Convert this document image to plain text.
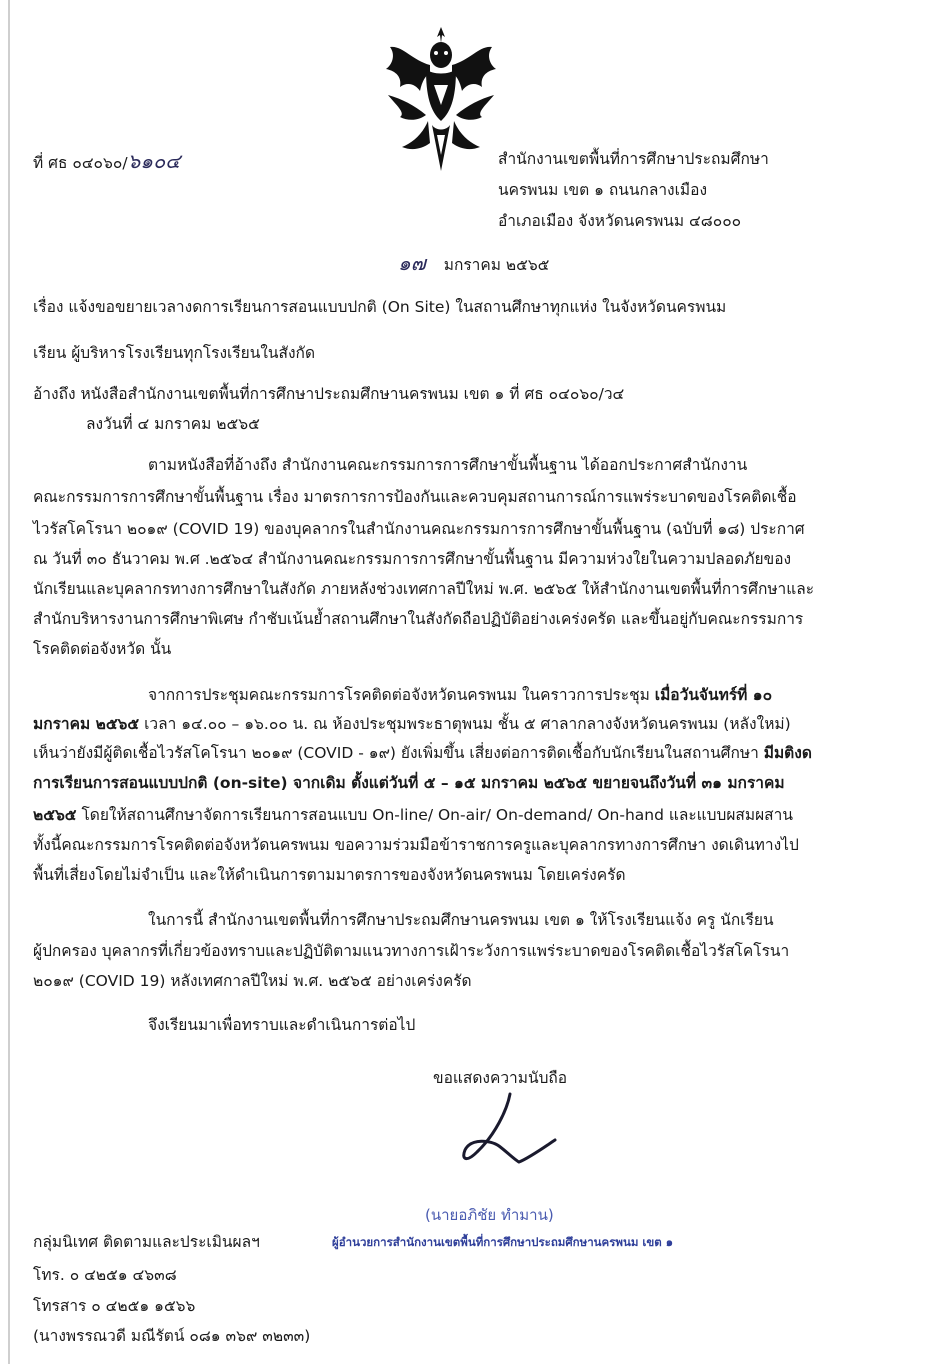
ที่ ศธ ๐๔๐๖๐/๖๑๐๔	สำนักงานเขตพื้นที่การศึกษาประถมศึกษา
นครพนม เขต ๑ ถนนกลางเมือง
อำเภอเมือง จังหวัดนครพนม ๔๘๐๐๐
๑๗ มกราคม ๒๕๖๕
เรื่อง แจ้งขอขยายเวลางดการเรียนการสอนแบบปกติ (On Site) ในสถานศึกษาทุกแห่ง ในจังหวัดนครพนม
เรียน ผู้บริหารโรงเรียนทุกโรงเรียนในสังกัด
อ้างถึง หนังสือสำนักงานเขตพื้นที่การศึกษาประถมศึกษานครพนม เขต ๑ ที่ ศธ ๐๔๐๖๐/ว๔
ลงวันที่ ๔ มกราคม ๒๕๖๕

ตามหนังสือที่อ้างถึง สำนักงานคณะกรรมการการศึกษาขั้นพื้นฐาน ได้ออกประกาศสำนักงาน

คณะกรรมการการศึกษาขั้นพื้นฐาน เรื่อง มาตรการการป้องกันและควบคุมสถานการณ์การแพร่ระบาดของโรคติดเชื้อ

ไวรัสโคโรนา ๒๐๑๙ (COVID 19) ของบุคลากรในสำนักงานคณะกรรมการการศึกษาขั้นพื้นฐาน (ฉบับที่ ๑๘) ประกาศ

ณ วันที่ ๓๐ ธันวาคม พ.ศ .๒๕๖๔ สำนักงานคณะกรรมการการศึกษาขั้นพื้นฐาน มีความห่วงใยในความปลอดภัยของ

นักเรียนและบุคลากรทางการศึกษาในสังกัด ภายหลังช่วงเทศกาลปีใหม่ พ.ศ. ๒๕๖๕ ให้สำนักงานเขตพื้นที่การศึกษาและ

สำนักบริหารงานการศึกษาพิเศษ กำชับเน้นย้ำสถานศึกษาในสังกัดถือปฏิบัติอย่างเคร่งครัด และขึ้นอยู่กับคณะกรรมการ

โรคติดต่อจังหวัด นั้น

จากการประชุมคณะกรรมการโรคติดต่อจังหวัดนครพนม ในคราวการประชุม เมื่อวันจันทร์ที่ ๑๐

มกราคม ๒๕๖๕ เวลา ๑๔.๐๐ – ๑๖.๐๐ น. ณ ห้องประชุมพระธาตุพนม ชั้น ๕ ศาลากลางจังหวัดนครพนม (หลังใหม่)

เห็นว่ายังมีผู้ติดเชื้อไวรัสโคโรนา ๒๐๑๙ (COVID - ๑๙) ยังเพิ่มขึ้น เสี่ยงต่อการติดเชื้อกับนักเรียนในสถานศึกษา มีมติงด

การเรียนการสอนแบบปกติ (on-site) จากเดิม ตั้งแต่วันที่ ๕ – ๑๕ มกราคม ๒๕๖๕ ขยายจนถึงวันที่ ๓๑ มกราคม

๒๕๖๕ โดยให้สถานศึกษาจัดการเรียนการสอนแบบ On-line/ On-air/ On-demand/ On-hand และแบบผสมผสาน

ทั้งนี้คณะกรรมการโรคติดต่อจังหวัดนครพนม ขอความร่วมมือข้าราชการครูและบุคลากรทางการศึกษา งดเดินทางไป

พื้นที่เสี่ยงโดยไม่จำเป็น และให้ดำเนินการตามมาตรการของจังหวัดนครพนม โดยเคร่งครัด

ในการนี้ สำนักงานเขตพื้นที่การศึกษาประถมศึกษานครพนม เขต ๑ ให้โรงเรียนแจ้ง ครู นักเรียน

ผู้ปกครอง บุคลากรที่เกี่ยวข้องทราบและปฏิบัติตามแนวทางการเฝ้าระวังการแพร่ระบาดของโรคติดเชื้อไวรัสโคโรนา

๒๐๑๙ (COVID 19) หลังเทศกาลปีใหม่ พ.ศ. ๒๕๖๕ อย่างเคร่งครัด

จึงเรียนมาเพื่อทราบและดำเนินการต่อไป
ขอแสดงความนับถือ
(นายอภิชัย ทำมาน)
ผู้อำนวยการสำนักงานเขตพื้นที่การศึกษาประถมศึกษานครพนม เขต ๑
กลุ่มนิเทศ ติดตามและประเมินผลฯ
โทร. ๐ ๔๒๕๑ ๔๖๓๘
โทรสาร ๐ ๔๒๕๑ ๑๕๖๖
(นางพรรณวดี มณีรัตน์ ๐๘๑ ๓๖๙ ๓๒๓๓)
